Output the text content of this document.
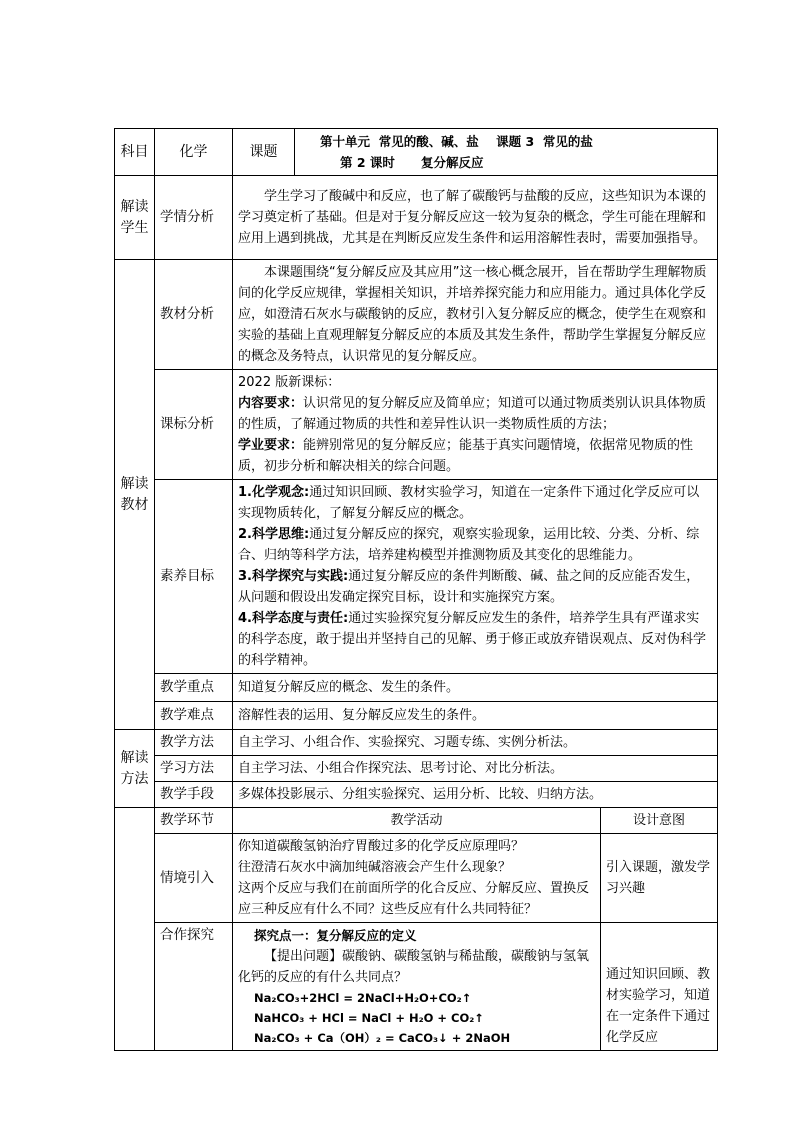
科目	化学	课题	第十单元  常见的酸、碱、盐    课题 3  常见的盐

第 2 课时      复分解反应	

解读学生	学情分析	学生学习了酸碱中和反应，也了解了碳酸钙与盐酸的反应，这些知识为本课的学习奠定析了基础。但是对于复分解反应这一较为复杂的概念，学生可能在理解和应用上遇到挑战，尤其是在判断反应发生条件和运用溶解性表时，需要加强指导。		
解读教材	教材分析	本课题围绕“复分解反应及其应用”这一核心概念展开，旨在帮助学生理解物质间的化学反应规律，掌握相关知识，并培养探究能力和应用能力。通过具体化学反应，如澄清石灰水与碳酸钠的反应，教材引入复分解反应的概念，使学生在观察和实验的基础上直观理解复分解反应的本质及其发生条件，帮助学生掌握复分解反应的概念及务特点，认识常见的复分解反应。		
	课标分析	2022 版新课标：

内容要求：认识常见的复分解反应及简单应；知道可以通过物质类别认识具体物质的性质，了解通过物质的共性和差异性认识一类物质性质的方法；

学业要求：能辨别常见的复分解反应；能基于真实问题情境，依据常见物质的性质，初步分析和解决相关的综合问题。		

	素养目标	1.化学观念:通过知识回顾、教材实验学习，知道在一定条件下通过化学反应可以实现物质转化，了解复分解反应的概念。

2.科学思维:通过复分解反应的探究，观察实验现象，运用比较、分类、分析、综合、归纳等科学方法，培养建构模型并推测物质及其变化的思维能力。

3.科学探究与实践:通过复分解反应的条件判断酸、碱、盐之间的反应能否发生，从问题和假设出发确定探究目标，设计和实施探究方案。

4.科学态度与责任:通过实验探究复分解反应发生的条件，培养学生具有严谨求实的科学态度，敢于提出并坚持自己的见解、勇于修正或放弃错误观点、反对伪科学的科学精神。		

	教学重点	知道复分解反应的概念、发生的条件。		
	教学难点	溶解性表的运用、复分解反应发生的条件。		
解读方法	教学方法	自主学习、小组合作、实验探究、习题专练、实例分析法。		
	学习方法	自主学习法、小组合作探究法、思考讨论、对比分析法。		
	教学手段	多媒体投影展示、分组实验探究、运用分析、比较、归纳方法。		
	教学环节	教学活动		设计意图
	情境引入	你知道碳酸氢钠治疗胃酸过多的化学反应原理吗？

往澄清石灰水中滴加纯碱溶液会产生什么现象？

这两个反应与我们在前面所学的化合反应、分解反应、置换反应三种反应有什么不同？这些反应有什么共同特征？		引入课题，激发学习兴趣
	合作探究	探究点一：复分解反应的定义

【提出问题】碳酸钠、碳酸氢钠与稀盐酸，碳酸钠与氢氧化钙的反应的有什么共同点？

Na₂CO₃+2HCl = 2NaCl+H₂O+CO₂↑

NaHCO₃ + HCl = NaCl + H₂O + CO₂↑

Na₂CO₃ + Ca（OH）₂ = CaCO₃↓ + 2NaOH		通过知识回顾、教材实验学习，知道在一定条件下通过化学反应
